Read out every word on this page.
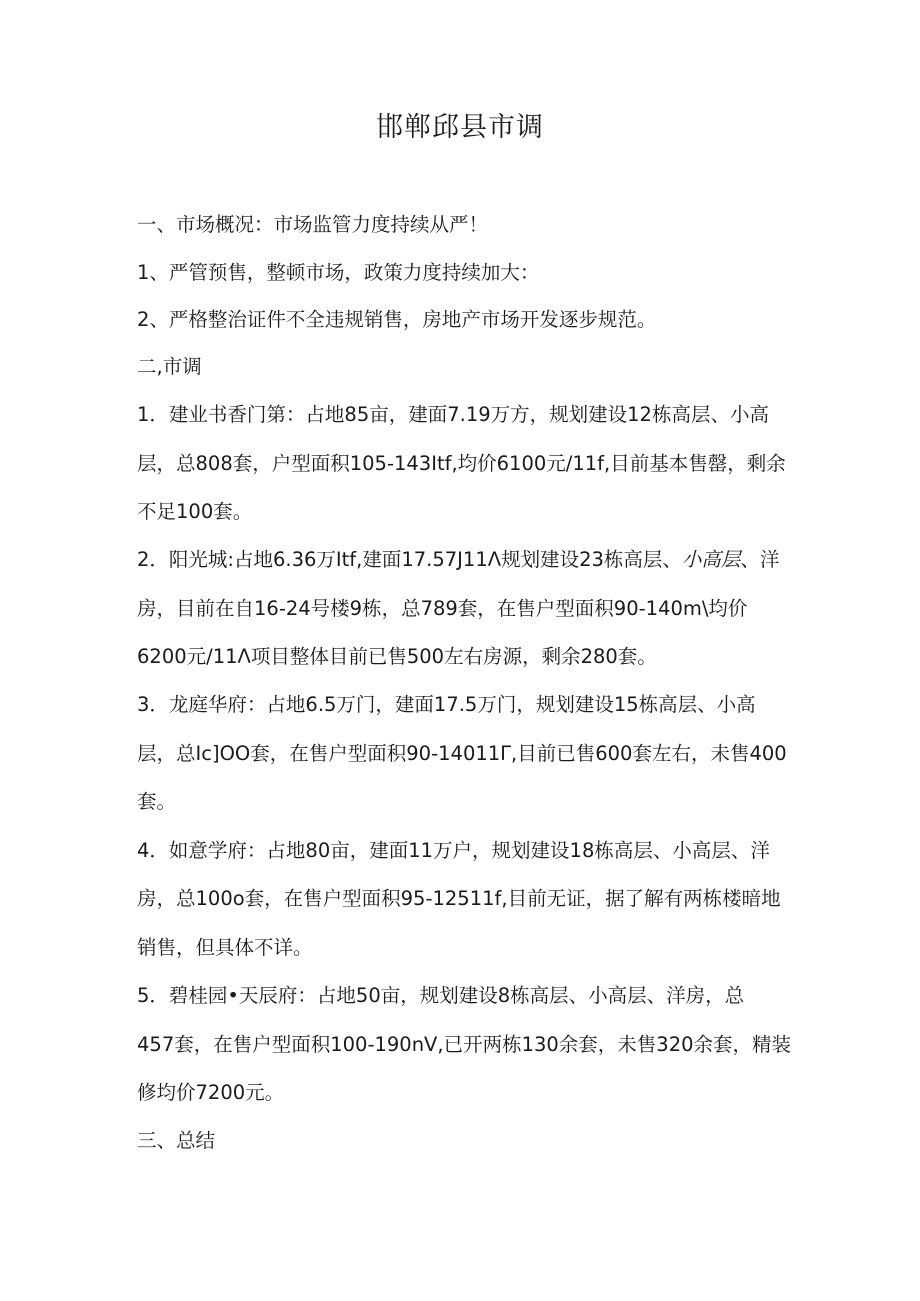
邯郸邱县市调
一、市场概况：市场监管力度持续从严！
1、严管预售，整顿市场，政策力度持续加大：
2、严格整治证件不全违规销售，房地产市场开发逐步规范。
二,市调
1．建业书香门第：占地85亩，建面7.19万方，规划建设12栋高层、小高
层，总808套，户型面积105-143Itf,均价6100元/11f,目前基本售罄，剩余
不足100套。
2．阳光城:占地6.36万Itf,建面17.57J11Λ规划建设23栋高层、小高层、洋
房，目前在自16-24号楼9栋，总789套，在售户型面积90-140m\均价
6200元/11Λ项目整体目前已售500左右房源，剩余280套。
3．龙庭华府：占地6.5万门，建面17.5万门，规划建设15栋高层、小高
层，总Ic]OO套，在售户型面积90-14011Γ,目前已售600套左右，未售400
套。
4．如意学府：占地80亩，建面11万户，规划建设18栋高层、小高层、洋
房，总100o套，在售户型面积95-12511f,目前无证，据了解有两栋楼暗地
销售，但具体不详。
5．碧桂园•天辰府：占地50亩，规划建设8栋高层、小高层、洋房，总
457套，在售户型面积100-190nV,已开两栋130余套，未售320余套，精装
修均价7200元。
三、总结
